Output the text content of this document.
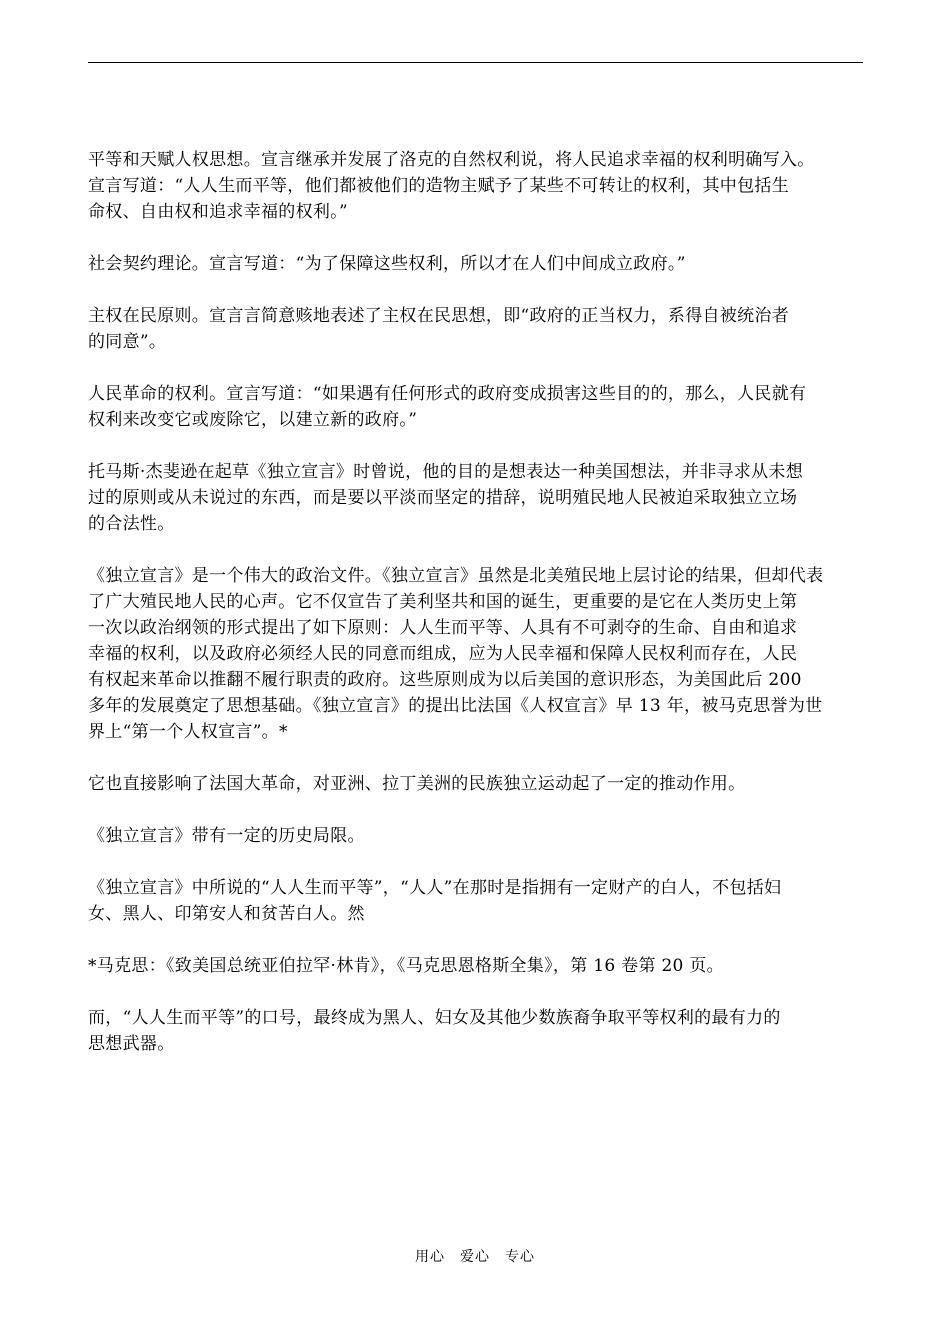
平等和天赋人权思想。宣言继承并发展了洛克的自然权利说，将人民追求幸福的权利明确写入。
宣言写道：“人人生而平等，他们都被他们的造物主赋予了某些不可转让的权利，其中包括生
命权、自由权和追求幸福的权利。”

社会契约理论。宣言写道：“为了保障这些权利，所以才在人们中间成立政府。”

主权在民原则。宣言言简意赅地表述了主权在民思想，即“政府的正当权力，系得自被统治者
的同意”。

人民革命的权利。宣言写道：“如果遇有任何形式的政府变成损害这些目的的，那么，人民就有
权利来改变它或废除它，以建立新的政府。”

托马斯·杰斐逊在起草《独立宣言》时曾说，他的目的是想表达一种美国想法，并非寻求从未想
过的原则或从未说过的东西，而是要以平淡而坚定的措辞，说明殖民地人民被迫采取独立立场
的合法性。

《独立宣言》是一个伟大的政治文件。《独立宣言》虽然是北美殖民地上层讨论的结果，但却代表
了广大殖民地人民的心声。它不仅宣告了美利坚共和国的诞生，更重要的是它在人类历史上第
一次以政治纲领的形式提出了如下原则：人人生而平等、人具有不可剥夺的生命、自由和追求
幸福的权利，以及政府必须经人民的同意而组成，应为人民幸福和保障人民权利而存在，人民
有权起来革命以推翻不履行职责的政府。这些原则成为以后美国的意识形态，为美国此后 200
多年的发展奠定了思想基础。《独立宣言》的提出比法国《人权宣言》早 13 年，被马克思誉为世
界上“第一个人权宣言”。*

它也直接影响了法国大革命，对亚洲、拉丁美洲的民族独立运动起了一定的推动作用。

《独立宣言》带有一定的历史局限。

《独立宣言》中所说的“人人生而平等”，“人人”在那时是指拥有一定财产的白人，不包括妇
女、黑人、印第安人和贫苦白人。然

*马克思：《致美国总统亚伯拉罕·林肯》，《马克思恩格斯全集》，第 16 卷第 20 页。

而，“人人生而平等”的口号，最终成为黑人、妇女及其他少数族裔争取平等权利的最有力的
思想武器。

用心　爱心　专心
